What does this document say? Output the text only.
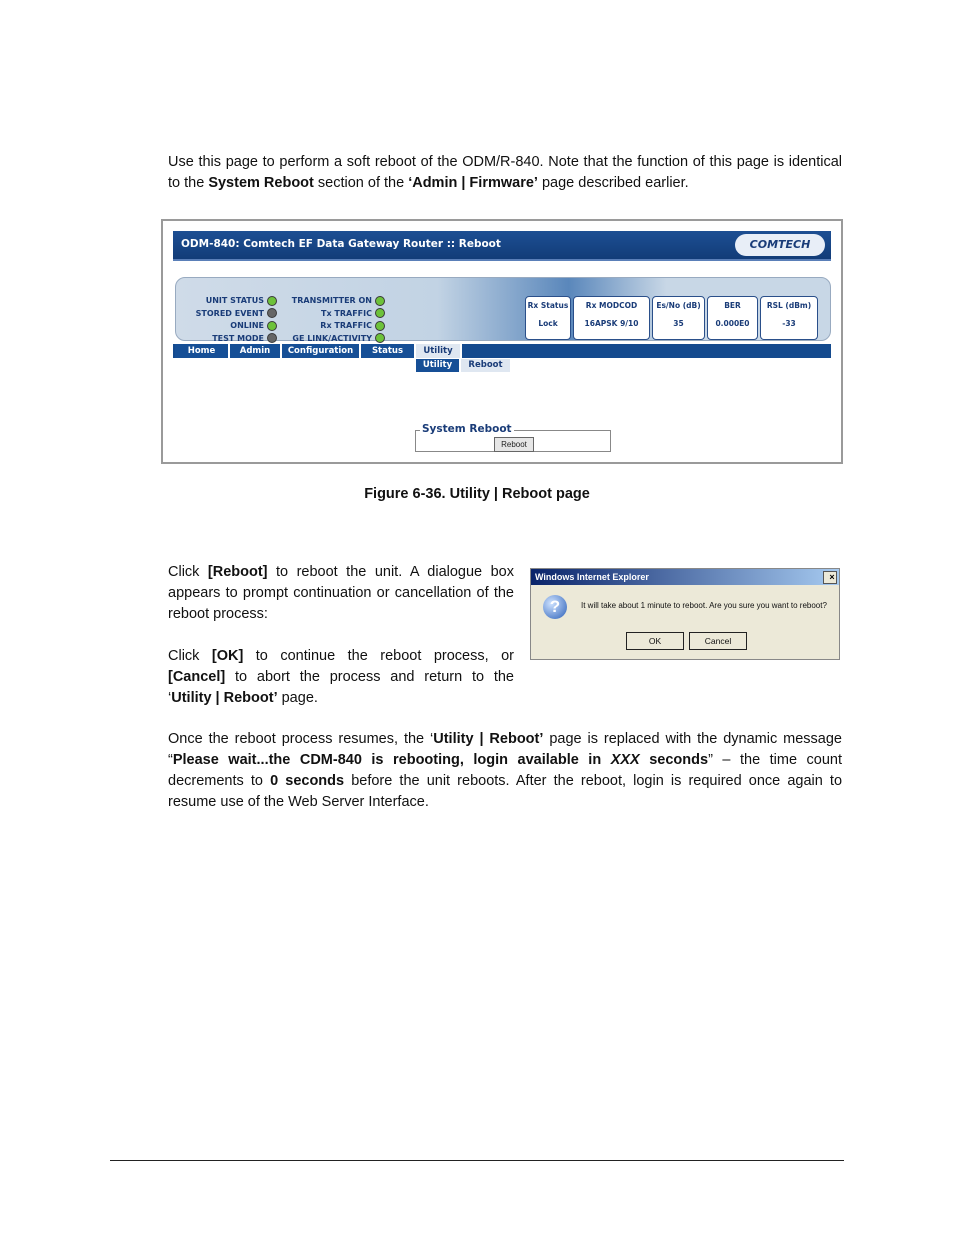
Use this page to perform a soft reboot of the ODM/R-840. Note that the function of this page is identical to the System Reboot section of the ‘Admin | Firmware’ page described earlier.

ODM-840: Comtech EF Data Gateway Router :: Reboot	COMTECH
System Reboot
Reboot
UNIT STATUS
STORED EVENT
ONLINE
TEST MODE
TRANSMITTER ON
Tx TRAFFIC
Rx TRAFFIC
GE LINK/ACTIVITY
Rx Status
Lock
Rx MODCOD
16APSK 9/10
Es/No (dB)
35
BER
0.000E0
RSL (dBm)
-33
Home	Admin	Configuration	Status	Utility
Utility	Reboot
Figure 6-36. Utility | Reboot page

Click [Reboot] to reboot the unit. A dialogue box appears to prompt continuation or cancellation of the reboot process:

Click [OK] to continue the reboot process, or [Cancel] to abort the process and return to the ‘Utility | Reboot’ page.

Windows Internet Explorer	×
?	It will take about 1 minute to reboot. Are you sure you want to reboot?
OK	Cancel

Once the reboot process resumes, the ‘Utility | Reboot’ page is replaced with the dynamic message “Please wait...the CDM-840 is rebooting, login available in XXX seconds” – the time count decrements to 0 seconds before the unit reboots. After the reboot, login is required once again to resume use of the Web Server Interface.
